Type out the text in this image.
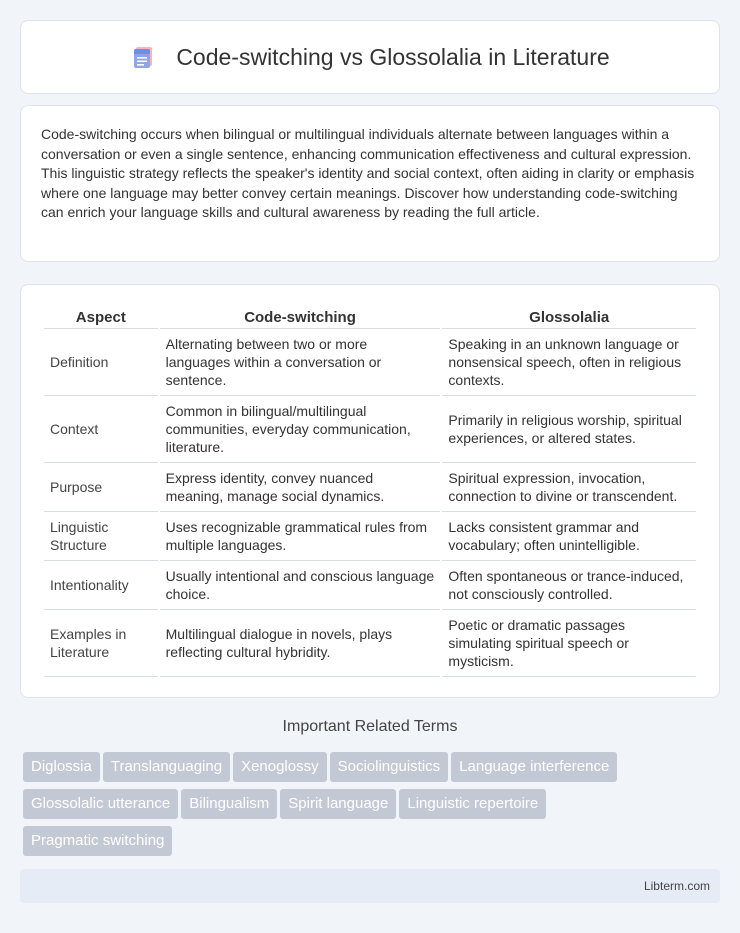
Code-switching vs Glossolalia in Literature

Code-switching occurs when bilingual or multilingual individuals alternate between languages within a conversation or even a single sentence, enhancing communication effectiveness and cultural expression. This linguistic strategy reflects the speaker's identity and social context, often aiding in clarity or emphasis where one language may better convey certain meanings. Discover how understanding code-switching can enrich your language skills and cultural awareness by reading the full article.

Aspect	Code-switching	Glossolalia
Definition	Alternating between two or more languages within a conversation or sentence.	Speaking in an unknown language or nonsensical speech, often in religious contexts.
Context	Common in bilingual/multilingual communities, everyday communication, literature.	Primarily in religious worship, spiritual experiences, or altered states.
Purpose	Express identity, convey nuanced meaning, manage social dynamics.	Spiritual expression, invocation, connection to divine or transcendent.
Linguistic Structure	Uses recognizable grammatical rules from multiple languages.	Lacks consistent grammar and vocabulary; often unintelligible.
Intentionality	Usually intentional and conscious language choice.	Often spontaneous or trance-induced, not consciously controlled.
Examples in Literature	Multilingual dialogue in novels, plays reflecting cultural hybridity.	Poetic or dramatic passages simulating spiritual speech or mysticism.
Important Related Terms
Diglossia Translanguaging Xenoglossy Sociolinguistics Language interference
Glossolalic utterance Bilingualism Spirit language Linguistic repertoire
Pragmatic switching
Libterm.com
